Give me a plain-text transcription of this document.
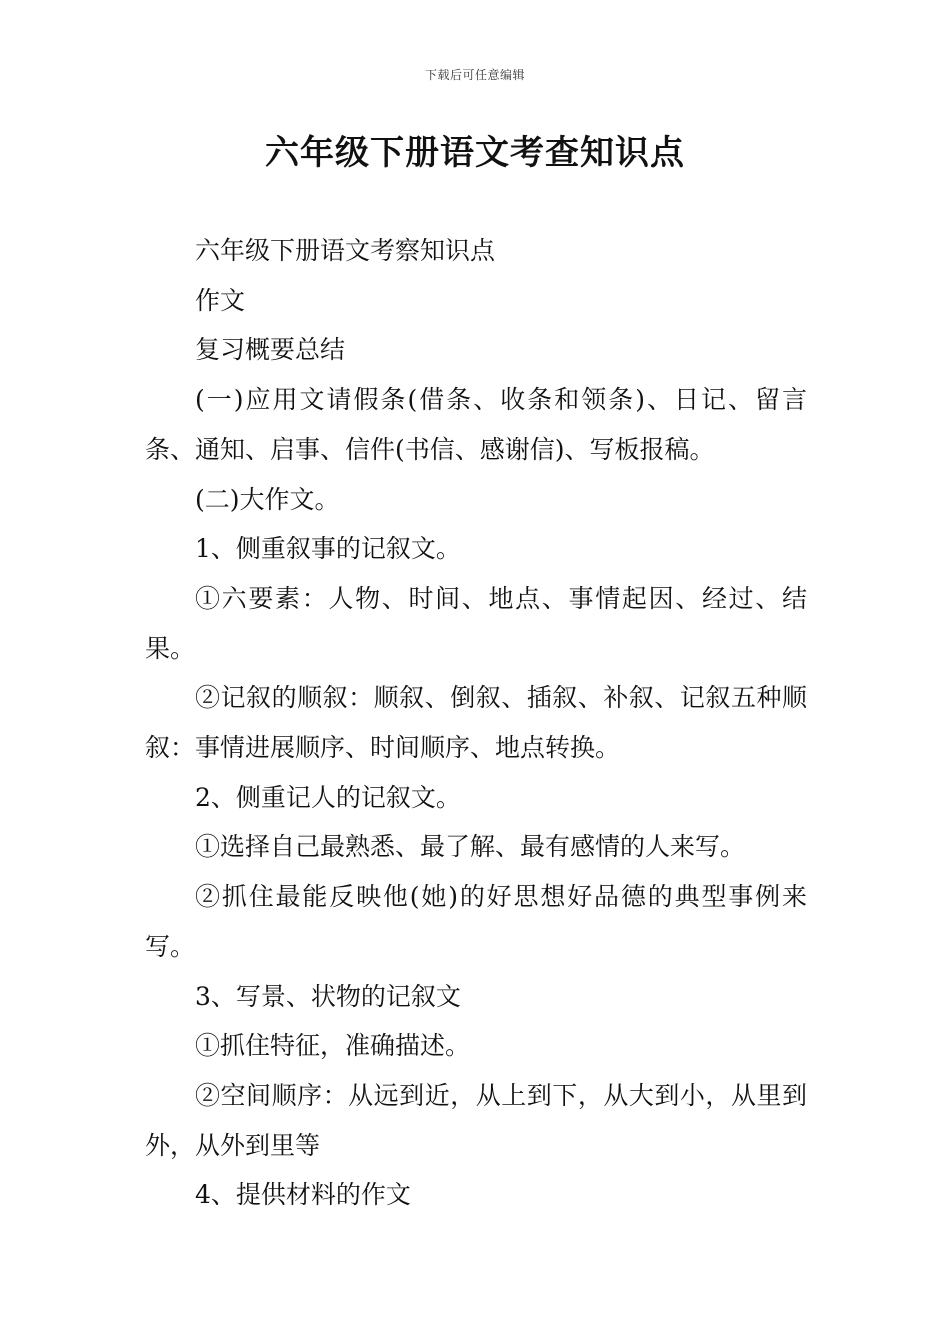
下载后可任意编辑
六年级下册语文考查知识点

六年级下册语文考察知识点

作文

复习概要总结

(一)应用文请假条(借条、收条和领条)、日记、留言条、通知、启事、信件(书信、感谢信)、写板报稿。

(二)大作文。

1、侧重叙事的记叙文。

①六要素：人物、时间、地点、事情起因、经过、结果。

②记叙的顺叙：顺叙、倒叙、插叙、补叙、记叙五种顺叙：事情进展顺序、时间顺序、地点转换。

2、侧重记人的记叙文。

①选择自己最熟悉、最了解、最有感情的人来写。

②抓住最能反映他(她)的好思想好品德的典型事例来写。

3、写景、状物的记叙文

①抓住特征，准确描述。

②空间顺序：从远到近，从上到下，从大到小，从里到外，从外到里等

4、提供材料的作文
